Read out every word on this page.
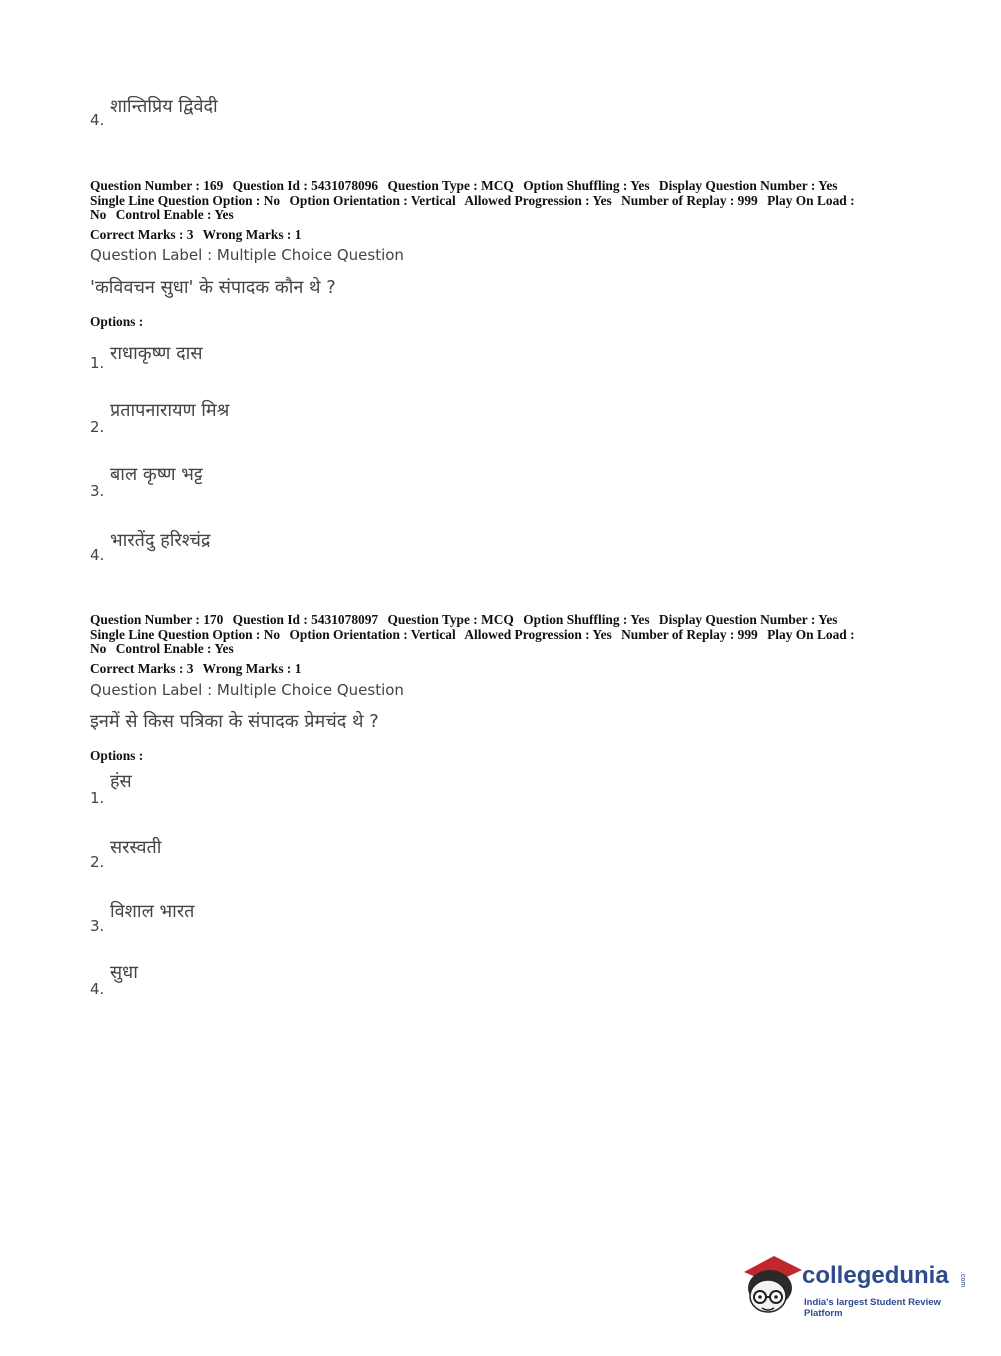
4.
शान्तिप्रिय द्विवेदी
Question Number : 169 Question Id : 5431078096 Question Type : MCQ Option Shuffling : Yes Display Question Number : Yes
Single Line Question Option : No Option Orientation : Vertical Allowed Progression : Yes Number of Replay : 999 Play On Load :
No Control Enable : Yes
Correct Marks : 3 Wrong Marks : 1
Question Label : Multiple Choice Question
'कविवचन सुधा' के संपादक कौन थे ?
Options :
1. राधाकृष्ण दास
2.
प्रतापनारायण मिश्र
3.
बाल कृष्ण भट्ट
4.
भारतेंदु हरिश्चंद्र
Question Number : 170 Question Id : 5431078097 Question Type : MCQ Option Shuffling : Yes Display Question Number : Yes
Single Line Question Option : No Option Orientation : Vertical Allowed Progression : Yes Number of Replay : 999 Play On Load :
No Control Enable : Yes
Correct Marks : 3 Wrong Marks : 1
Question Label : Multiple Choice Question
इनमें से किस पत्रिका के संपादक प्रेमचंद थे ?
Options :
1.
हंस
2.
सरस्वती
3.
विशाल भारत
4.
सुधा
collegedunia .com
India's largest Student Review Platform
